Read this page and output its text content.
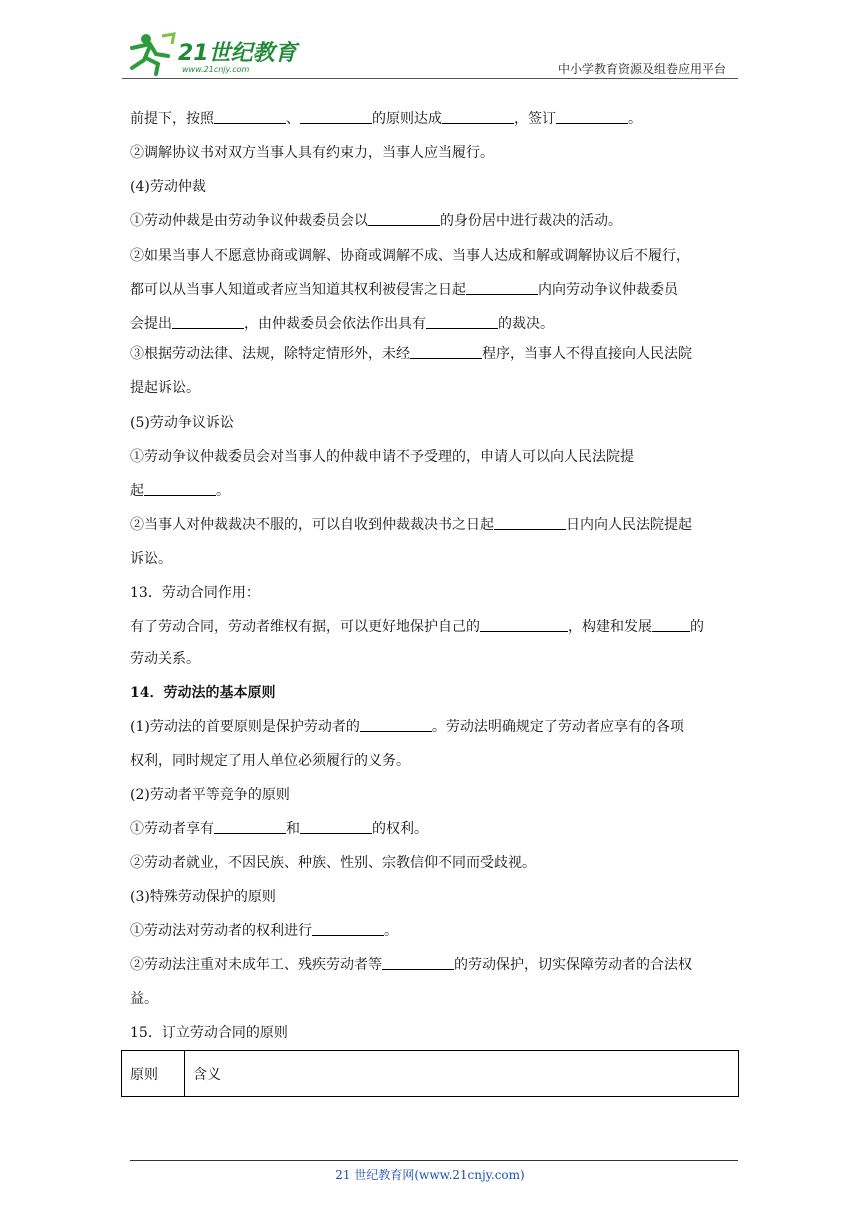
21世纪教育
www.21cnjy.com	中小学教育资源及组卷应用平台
原则	含义
21 世纪教育网(www.21cnjy.com)
前提下，按照	、	的原则达成	，签订	。
②调解协议书对双方当事人具有约束力，当事人应当履行。
(4)劳动仲裁
①劳动仲裁是由劳动争议仲裁委员会以	的身份居中进行裁决的活动。
②如果当事人不愿意协商或调解、协商或调解不成、当事人达成和解或调解协议后不履行，
都可以从当事人知道或者应当知道其权利被侵害之日起	内向劳动争议仲裁委员
会提出	，由仲裁委员会依法作出具有	的裁决。
③根据劳动法律、法规，除特定情形外，未经	程序，当事人不得直接向人民法院
提起诉讼。
(5)劳动争议诉讼
①劳动争议仲裁委员会对当事人的仲裁申请不予受理的，申请人可以向人民法院提
起	。
②当事人对仲裁裁决不服的，可以自收到仲裁裁决书之日起	日内向人民法院提起
诉讼。
13．劳动合同作用：
有了劳动合同，劳动者维权有据，可以更好地保护自己的	，构建和发展	的
劳动关系。
14．劳动法的基本原则
(1)劳动法的首要原则是保护劳动者的	。劳动法明确规定了劳动者应享有的各项
权利，同时规定了用人单位必须履行的义务。
(2)劳动者平等竞争的原则
①劳动者享有	和	的权利。
②劳动者就业，不因民族、种族、性别、宗教信仰不同而受歧视。
(3)特殊劳动保护的原则
①劳动法对劳动者的权利进行	。
②劳动法注重对未成年工、残疾劳动者等	的劳动保护，切实保障劳动者的合法权
益。
15．订立劳动合同的原则
